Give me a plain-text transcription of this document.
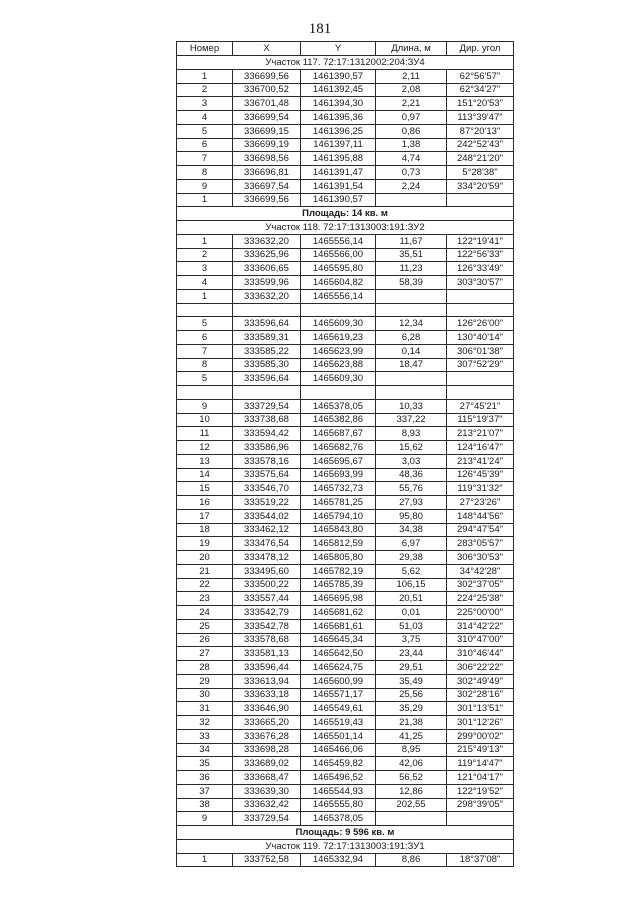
181
Номер	X	Y	Длина, м	Дир. угол
Участок 117. 72:17:1312002:204:ЗУ4
1	336699,56	1461390,57	2,11	62°56'57"
2	336700,52	1461392,45	2,08	62°34'27"
3	336701,48	1461394,30	2,21	151°20'53"
4	336699,54	1461395,36	0,97	113°39'47"
5	336699,15	1461396,25	0,86	87°20'13"
6	336699,19	1461397,11	1,38	242°52'43"
7	336698,56	1461395,88	4,74	248°21'20"
8	336696,81	1461391,47	0,73	5°28'38"
9	336697,54	1461391,54	2,24	334°20'59"
1	336699,56	1461390,57
Площадь: 14 кв. м
Участок 118. 72:17:1313003:191:ЗУ2
1	333632,20	1465556,14	11,67	122°19'41"
2	333625,96	1465566,00	35,51	122°56'33"
3	333606,65	1465595,80	11,23	126°33'49"
4	333599,96	1465604,82	58,39	303°30'57"
1	333632,20	1465556,14
5	333596,64	1465609,30	12,34	126°26'00"
6	333589,31	1465619,23	6,28	130°40'14"
7	333585,22	1465623,99	0,14	306°01'38"
8	333585,30	1465623,88	18,47	307°52'29"
5	333596,64	1465609,30
9	333729,54	1465378,05	10,33	27°45'21"
10	333738,68	1465382,86	337,22	115°19'37"
11	333594,42	1465687,67	8,93	213°21'07"
12	333586,96	1465682,76	15,62	124°16'47"
13	333578,16	1465695,67	3,03	213°41'24"
14	333575,64	1465693,99	48,36	126°45'39"
15	333546,70	1465732,73	55,76	119°31'32"
16	333519,22	1465781,25	27,93	27°23'26"
17	333544,02	1465794,10	95,80	148°44'56"
18	333462,12	1465843,80	34,38	294°47'54"
19	333476,54	1465812,59	6,97	283°05'57"
20	333478,12	1465805,80	29,38	306°30'53"
21	333495,60	1465782,19	5,62	34°42'28"
22	333500,22	1465785,39	106,15	302°37'05"
23	333557,44	1465695,98	20,51	224°25'38"
24	333542,79	1465681,62	0,01	225°00'00"
25	333542,78	1465681,61	51,03	314°42'22"
26	333578,68	1465645,34	3,75	310°47'00"
27	333581,13	1465642,50	23,44	310°46'44"
28	333596,44	1465624,75	29,51	306°22'22"
29	333613,94	1465600,99	35,49	302°49'49"
30	333633,18	1465571,17	25,56	302°28'16"
31	333646,90	1465549,61	35,29	301°13'51"
32	333665,20	1465519,43	21,38	301°12'26"
33	333676,28	1465501,14	41,25	299°00'02"
34	333698,28	1465466,06	8,95	215°49'13"
35	333689,02	1465459,82	42,06	119°14'47"
36	333668,47	1465496,52	56,52	121°04'17"
37	333639,30	1465544,93	12,86	122°19'52"
38	333632,42	1465555,80	202,55	298°39'05"
9	333729,54	1465378,05
Площадь: 9 596 кв. м
Участок 119. 72:17:1313003:191:ЗУ1
1	333752,58	1465332,94	8,86	18°37'08"
